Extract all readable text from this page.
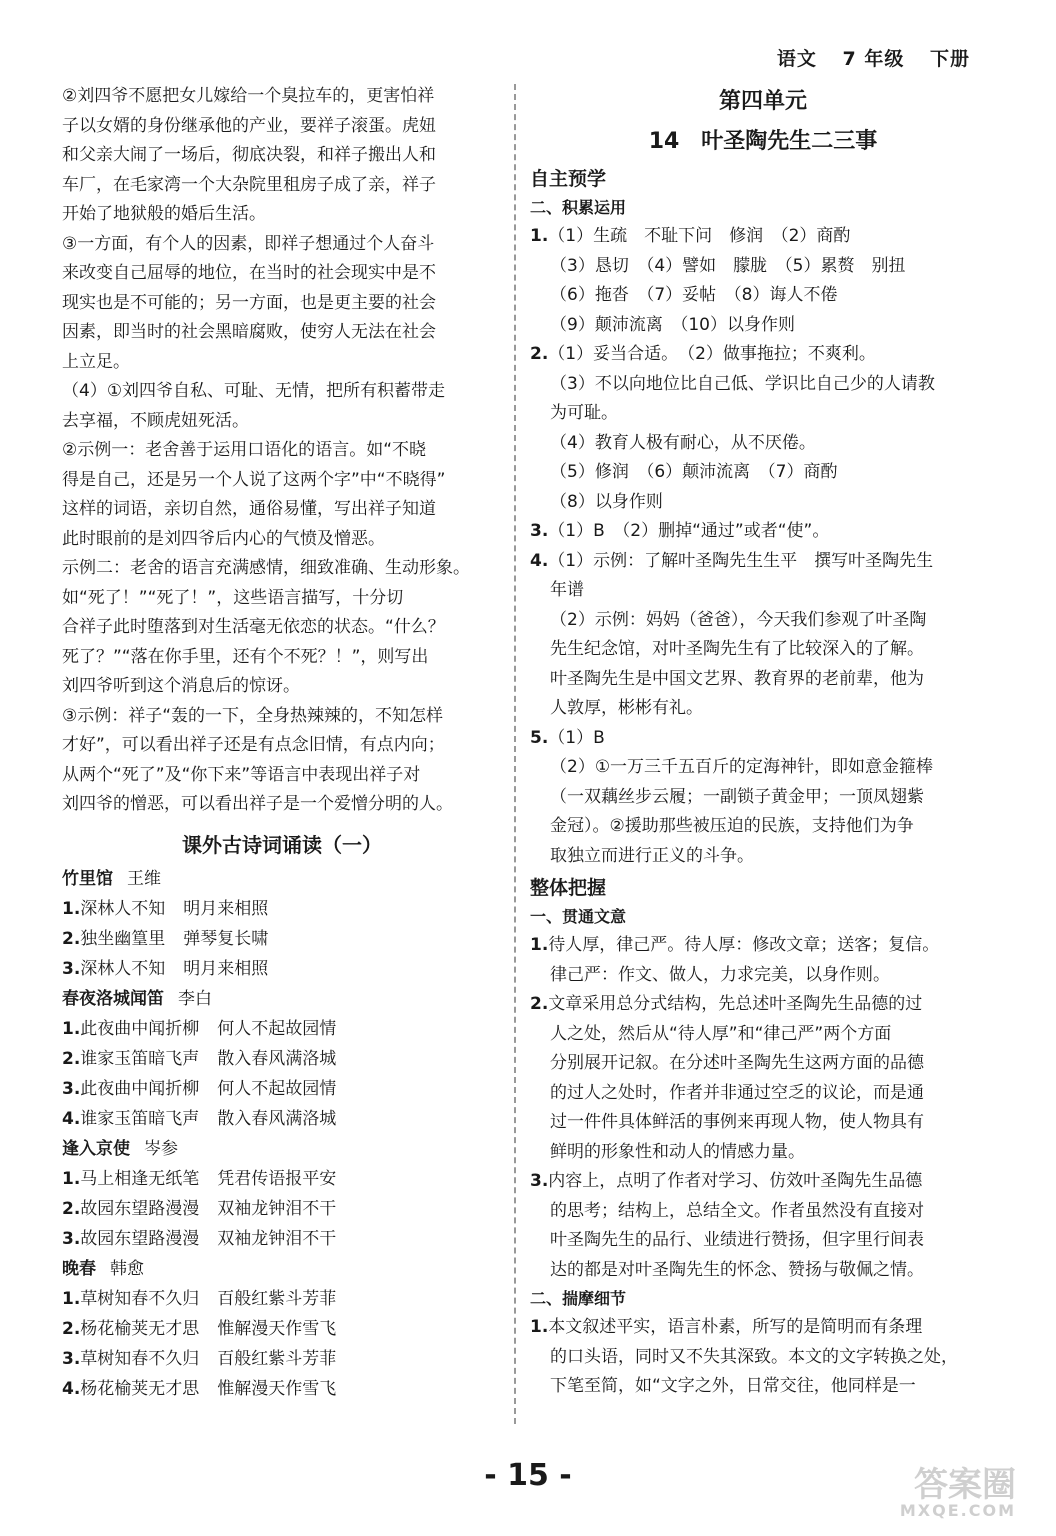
语文 7 年级 下册
②刘四爷不愿把女儿嫁给一个臭拉车的，更害怕祥
子以女婿的身份继承他的产业，要祥子滚蛋。虎妞
和父亲大闹了一场后，彻底决裂，和祥子搬出人和
车厂，在毛家湾一个大杂院里租房子成了亲，祥子
开始了地狱般的婚后生活。
③一方面，有个人的因素，即祥子想通过个人奋斗
来改变自己屈辱的地位，在当时的社会现实中是不
现实也是不可能的；另一方面，也是更主要的社会
因素，即当时的社会黑暗腐败，使穷人无法在社会
上立足。
（4）①刘四爷自私、可耻、无情，把所有积蓄带走
去享福，不顾虎妞死活。
②示例一：老舍善于运用口语化的语言。如“不晓
得是自己，还是另一个人说了这两个字”中“不晓得”
这样的词语，亲切自然，通俗易懂，写出祥子知道
此时眼前的是刘四爷后内心的气愤及憎恶。
示例二：老舍的语言充满感情，细致准确、生动形象。
如“死了！”“死了！”，这些语言描写，十分切
合祥子此时堕落到对生活毫无依恋的状态。“什么？
死了？”“落在你手里，还有个不死？！”，则写出
刘四爷听到这个消息后的惊讶。
③示例：祥子“轰的一下，全身热辣辣的，不知怎样
才好”，可以看出祥子还是有点念旧情，有点内向；
从两个“死了”及“你下来”等语言中表现出祥子对
刘四爷的憎恶，可以看出祥子是一个爱憎分明的人。
课外古诗词诵读（一）
竹里馆 王维
1.深林人不知 明月来相照
2.独坐幽篁里 弹琴复长啸
3.深林人不知 明月来相照
春夜洛城闻笛 李白
1.此夜曲中闻折柳 何人不起故园情
2.谁家玉笛暗飞声 散入春风满洛城
3.此夜曲中闻折柳 何人不起故园情
4.谁家玉笛暗飞声 散入春风满洛城
逢入京使 岑参
1.马上相逢无纸笔 凭君传语报平安
2.故园东望路漫漫 双袖龙钟泪不干
3.故园东望路漫漫 双袖龙钟泪不干
晚春 韩愈
1.草树知春不久归 百般红紫斗芳菲
2.杨花榆荚无才思 惟解漫天作雪飞
3.草树知春不久归 百般红紫斗芳菲
4.杨花榆荚无才思 惟解漫天作雪飞
第四单元
14　叶圣陶先生二三事
自主预学
二、积累运用
1.（1）生疏　不耻下问　修润　（2）商酌
（3）恳切　（4）譬如　朦胧　（5）累赘　别扭
（6）拖沓　（7）妥帖　（8）诲人不倦
（9）颠沛流离　（10）以身作则
2.（1）妥当合适。　（2）做事拖拉；不爽利。
（3）不以向地位比自己低、学识比自己少的人请教
为可耻。
（4）教育人极有耐心，从不厌倦。
（5）修润　（6）颠沛流离　（7）商酌
（8）以身作则
3.（1）B　（2）删掉“通过”或者“使”。
4.（1）示例：了解叶圣陶先生生平　撰写叶圣陶先生
年谱
（2）示例：妈妈（爸爸），今天我们参观了叶圣陶
先生纪念馆，对叶圣陶先生有了比较深入的了解。
叶圣陶先生是中国文艺界、教育界的老前辈，他为
人敦厚，彬彬有礼。
5.（1）B
（2）①一万三千五百斤的定海神针，即如意金箍棒
（一双藕丝步云履；一副锁子黄金甲；一顶凤翅紫
金冠）。②援助那些被压迫的民族，支持他们为争
取独立而进行正义的斗争。
整体把握
一、贯通文意
1.待人厚，律己严。待人厚：修改文章；送客；复信。
律己严：作文、做人，力求完美，以身作则。
2.文章采用总分式结构，先总述叶圣陶先生品德的过
人之处，然后从“待人厚”和“律己严”两个方面
分别展开记叙。在分述叶圣陶先生这两方面的品德
的过人之处时，作者并非通过空乏的议论，而是通
过一件件具体鲜活的事例来再现人物，使人物具有
鲜明的形象性和动人的情感力量。
3.内容上，点明了作者对学习、仿效叶圣陶先生品德
的思考；结构上，总结全文。作者虽然没有直接对
叶圣陶先生的品行、业绩进行赞扬，但字里行间表
达的都是对叶圣陶先生的怀念、赞扬与敬佩之情。
二、揣摩细节
1.本文叙述平实，语言朴素，所写的是简明而有条理
的口头语，同时又不失其深致。本文的文字转换之处，
下笔至简，如“文字之外，日常交往，他同样是一
- 15 -	答案圈
MXQE.COM
